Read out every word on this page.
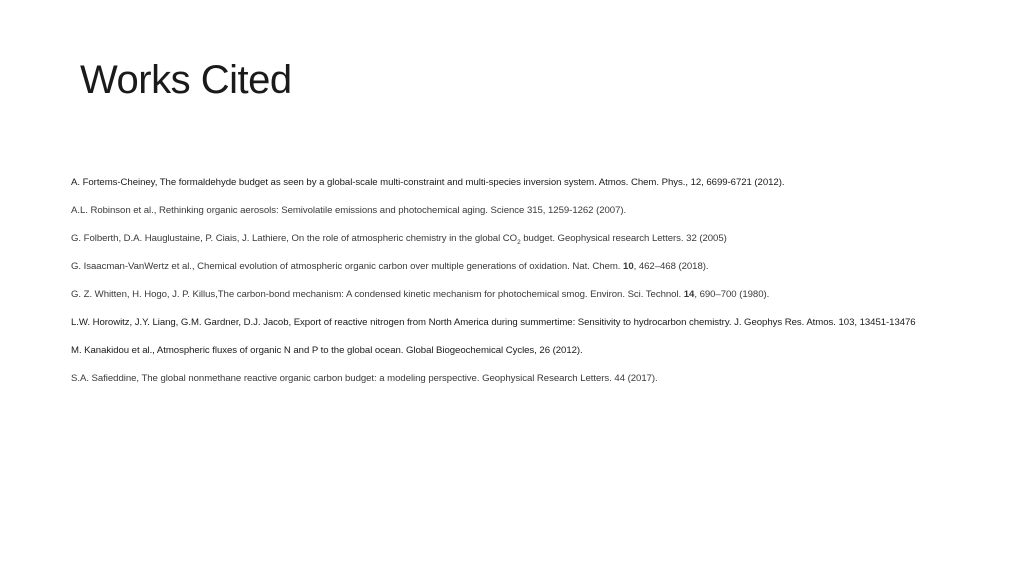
Works Cited

A. Fortems-Cheiney, The formaldehyde budget as seen by a global-scale multi-constraint and multi-species inversion system. Atmos. Chem. Phys., 12, 6699-6721 (2012).

A.L. Robinson et al., Rethinking organic aerosols: Semivolatile emissions and photochemical aging. Science 315, 1259-1262 (2007).

G. Folberth, D.A. Hauglustaine, P. Ciais, J. Lathiere, On the role of atmospheric chemistry in the global $CO_2$ budget. Geophysical research Letters. 32 (2005)

G. Isaacman-VanWertz et al., Chemical evolution of atmospheric organic carbon over multiple generations of oxidation. Nat. Chem. 10, 462–468 (2018).

G. Z. Whitten, H. Hogo, J. P. Killus,The carbon-bond mechanism: A condensed kinetic mechanism for photochemical smog. Environ. Sci. Technol. 14, 690–700 (1980).

L.W. Horowitz, J.Y. Liang, G.M. Gardner, D.J. Jacob, Export of reactive nitrogen from North America during summertime: Sensitivity to hydrocarbon chemistry. J. Geophys Res. Atmos. 103, 13451-13476

M. Kanakidou et al., Atmospheric fluxes of organic N and P to the global ocean. Global Biogeochemical Cycles, 26 (2012).

S.A. Safieddine, The global nonmethane reactive organic carbon budget: a modeling perspective. Geophysical Research Letters. 44 (2017).
